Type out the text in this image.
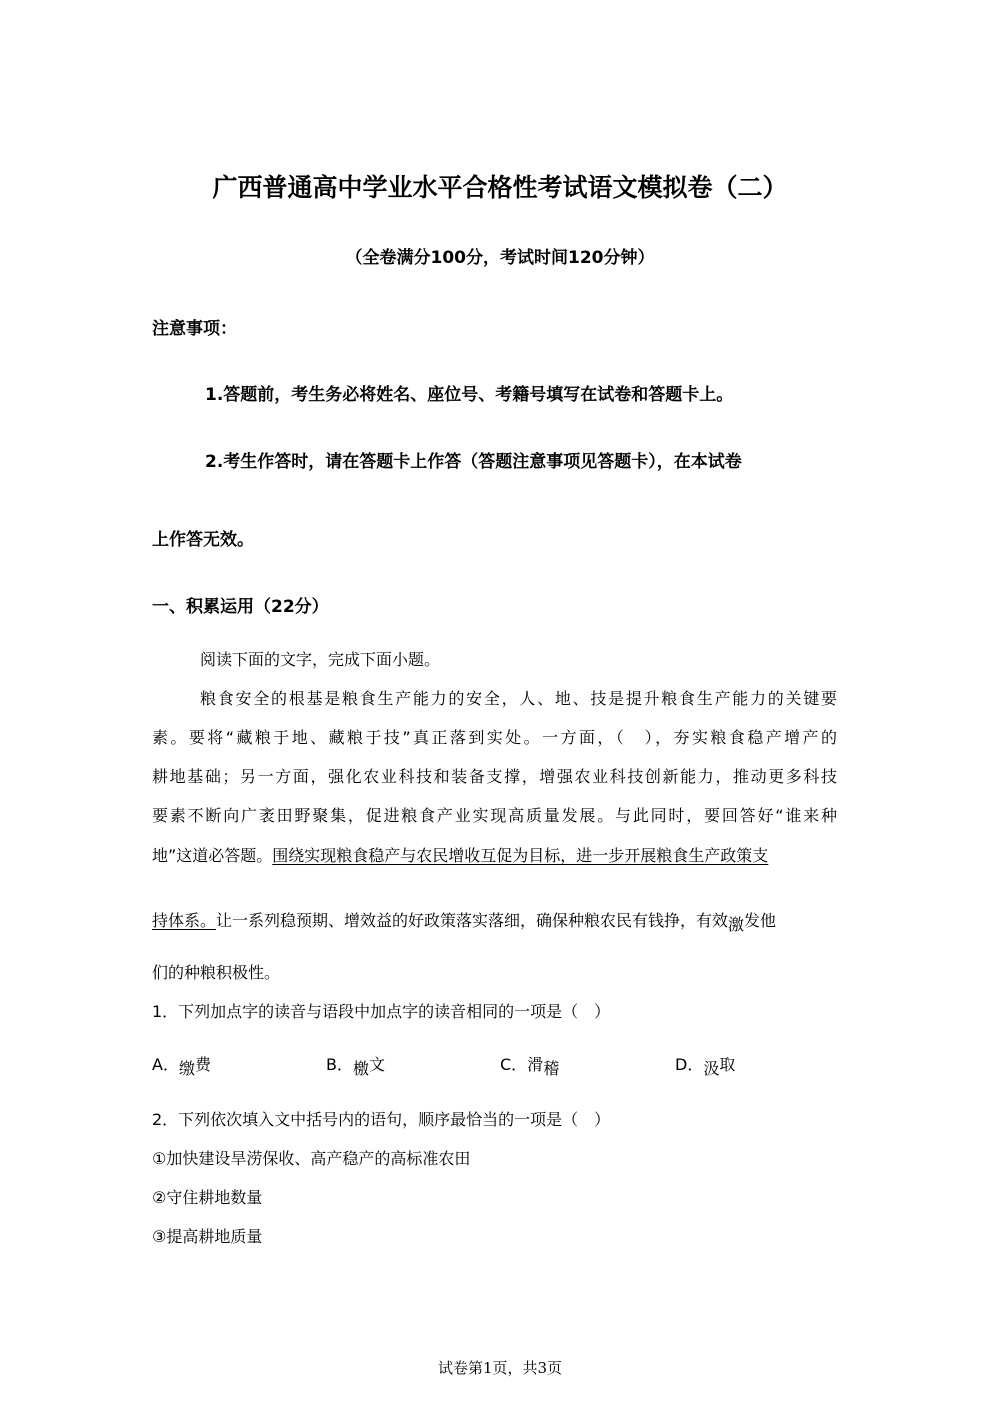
广西普通高中学业水平合格性考试语文模拟卷（二）
（全卷满分100分，考试时间120分钟）
注意事项：
1.答题前，考生务必将姓名、座位号、考籍号填写在试卷和答题卡上。
2.考生作答时，请在答题卡上作答（答题注意事项见答题卡），在本试卷
上作答无效。
一、积累运用（22分）
阅读下面的文字，完成下面小题。
粮食安全的根基是粮食生产能力的安全，人、地、技是提升粮食生产能力的关键要
素。要将“藏粮于地、藏粮于技”真正落到实处。一方面，（　），夯实粮食稳产增产的
耕地基础；另一方面，强化农业科技和装备支撑，增强农业科技创新能力，推动更多科技
要素不断向广袤田野聚集，促进粮食产业实现高质量发展。与此同时，要回答好“谁来种
地”这道必答题。围绕实现粮食稳产与农民增收互促为目标，进一步开展粮食生产政策支
持体系。让一系列稳预期、增效益的好政策落实落细，确保种粮农民有钱挣，有效激发他
们的种粮积极性。
1．下列加点字的读音与语段中加点字的读音相同的一项是（　）
A．缴费	B．檄文	C．滑稽	D．汲取
2．下列依次填入文中括号内的语句，顺序最恰当的一项是（　）
①加快建设旱涝保收、高产稳产的高标准农田
②守住耕地数量
③提高耕地质量
试卷第1页，共3页
